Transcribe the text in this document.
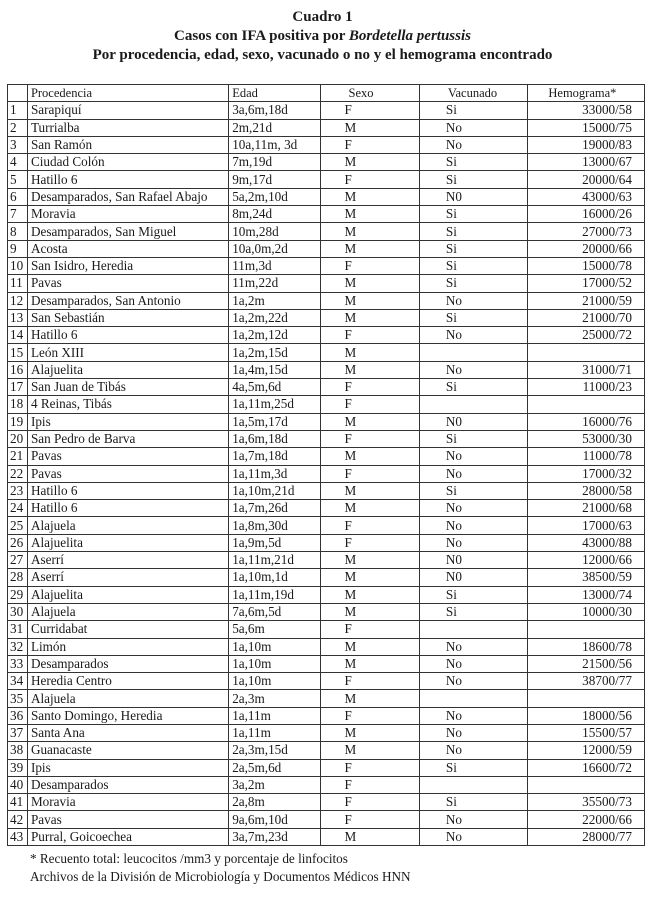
Cuadro 1
Casos con IFA positiva por Bordetella pertussis
Por procedencia, edad, sexo, vacunado o no y el hemograma encontrado
	Procedencia	Edad	Sexo	Vacunado	Hemograma*
1	Sarapiquí	3a,6m,18d	F	Si	33000/58
2	Turrialba	2m,21d	M	No	15000/75
3	San Ramón	10a,11m, 3d	F	No	19000/83
4	Ciudad Colón	7m,19d	M	Si	13000/67
5	Hatillo 6	9m,17d	F	Si	20000/64
6	Desamparados, San Rafael Abajo	5a,2m,10d	M	N0	43000/63
7	Moravia	8m,24d	M	Si	16000/26
8	Desamparados, San Miguel	10m,28d	M	Si	27000/73
9	Acosta	10a,0m,2d	M	Si	20000/66
10	San Isidro, Heredia	11m,3d	F	Si	15000/78
11	Pavas	11m,22d	M	Si	17000/52
12	Desamparados, San Antonio	1a,2m	M	No	21000/59
13	San Sebastián	1a,2m,22d	M	Si	21000/70
14	Hatillo 6	1a,2m,12d	F	No	25000/72
15	León XIII	1a,2m,15d	M		
16	Alajuelita	1a,4m,15d	M	No	31000/71
17	San Juan de Tibás	4a,5m,6d	F	Si	11000/23
18	4 Reinas, Tibás	1a,11m,25d	F		
19	Ipis	1a,5m,17d	M	N0	16000/76
20	San Pedro de Barva	1a,6m,18d	F	Si	53000/30
21	Pavas	1a,7m,18d	M	No	11000/78
22	Pavas	1a,11m,3d	F	No	17000/32
23	Hatillo 6	1a,10m,21d	M	Si	28000/58
24	Hatillo 6	1a,7m,26d	M	No	21000/68
25	Alajuela	1a,8m,30d	F	No	17000/63
26	Alajuelita	1a,9m,5d	F	No	43000/88
27	Aserrí	1a,11m,21d	M	N0	12000/66
28	Aserrí	1a,10m,1d	M	N0	38500/59
29	Alajuelita	1a,11m,19d	M	Si	13000/74
30	Alajuela	7a,6m,5d	M	Si	10000/30
31	Curridabat	5a,6m	F		
32	Limón	1a,10m	M	No	18600/78
33	Desamparados	1a,10m	M	No	21500/56
34	Heredia Centro	1a,10m	F	No	38700/77
35	Alajuela	2a,3m	M		
36	Santo Domingo, Heredia	1a,11m	F	No	18000/56
37	Santa Ana	1a,11m	M	No	15500/57
38	Guanacaste	2a,3m,15d	M	No	12000/59
39	Ipis	2a,5m,6d	F	Si	16600/72
40	Desamparados	3a,2m	F		
41	Moravia	2a,8m	F	Si	35500/73
42	Pavas	9a,6m,10d	F	No	22000/66
43	Purral, Goicoechea	3a,7m,23d	M	No	28000/77
* Recuento total: leucocitos /mm3 y porcentaje de linfocitos
Archivos de la División de Microbiología y Documentos Médicos HNN
